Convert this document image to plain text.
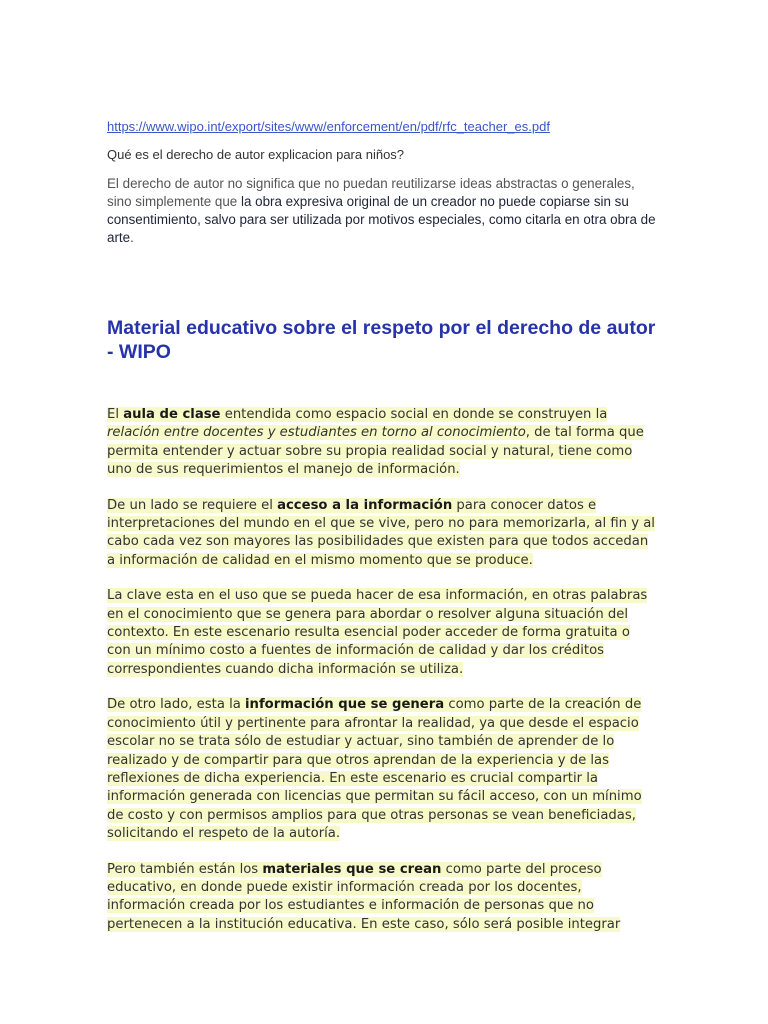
https://www.wipo.int/export/sites/www/enforcement/en/pdf/rfc_teacher_es.pdf

Qué es el derecho de autor explicacion para niños?

El derecho de autor no significa que no puedan reutilizarse ideas abstractas o generales, sino simplemente que la obra expresiva original de un creador no puede copiarse sin su consentimiento, salvo para ser utilizada por motivos especiales, como citarla en otra obra de arte.

Material educativo sobre el respeto por el derecho de autor - WIPO

El aula de clase entendida como espacio social en donde se construyen la relación entre docentes y estudiantes en torno al conocimiento, de tal forma que permita entender y actuar sobre su propia realidad social y natural, tiene como uno de sus requerimientos el manejo de información.

De un lado se requiere el acceso a la información para conocer datos e interpretaciones del mundo en el que se vive, pero no para memorizarla, al fin y al cabo cada vez son mayores las posibilidades que existen para que todos accedan a información de calidad en el mismo momento que se produce.

La clave esta en el uso que se pueda hacer de esa información, en otras palabras en el conocimiento que se genera para abordar o resolver alguna situación del contexto. En este escenario resulta esencial poder acceder de forma gratuita o con un mínimo costo a fuentes de información de calidad y dar los créditos correspondientes cuando dicha información se utiliza.

De otro lado, esta la información que se genera como parte de la creación de conocimiento útil y pertinente para afrontar la realidad, ya que desde el espacio escolar no se trata sólo de estudiar y actuar, sino también de aprender de lo realizado y de compartir para que otros aprendan de la experiencia y de las reflexiones de dicha experiencia. En este escenario es crucial compartir la información generada con licencias que permitan su fácil acceso, con un mínimo de costo y con permisos amplios para que otras personas se vean beneficiadas, solicitando el respeto de la autoría.

Pero también están los materiales que se crean como parte del proceso educativo, en donde puede existir información creada por los docentes, información creada por los estudiantes e información de personas que no pertenecen a la institución educativa. En este caso, sólo será posible integrar
